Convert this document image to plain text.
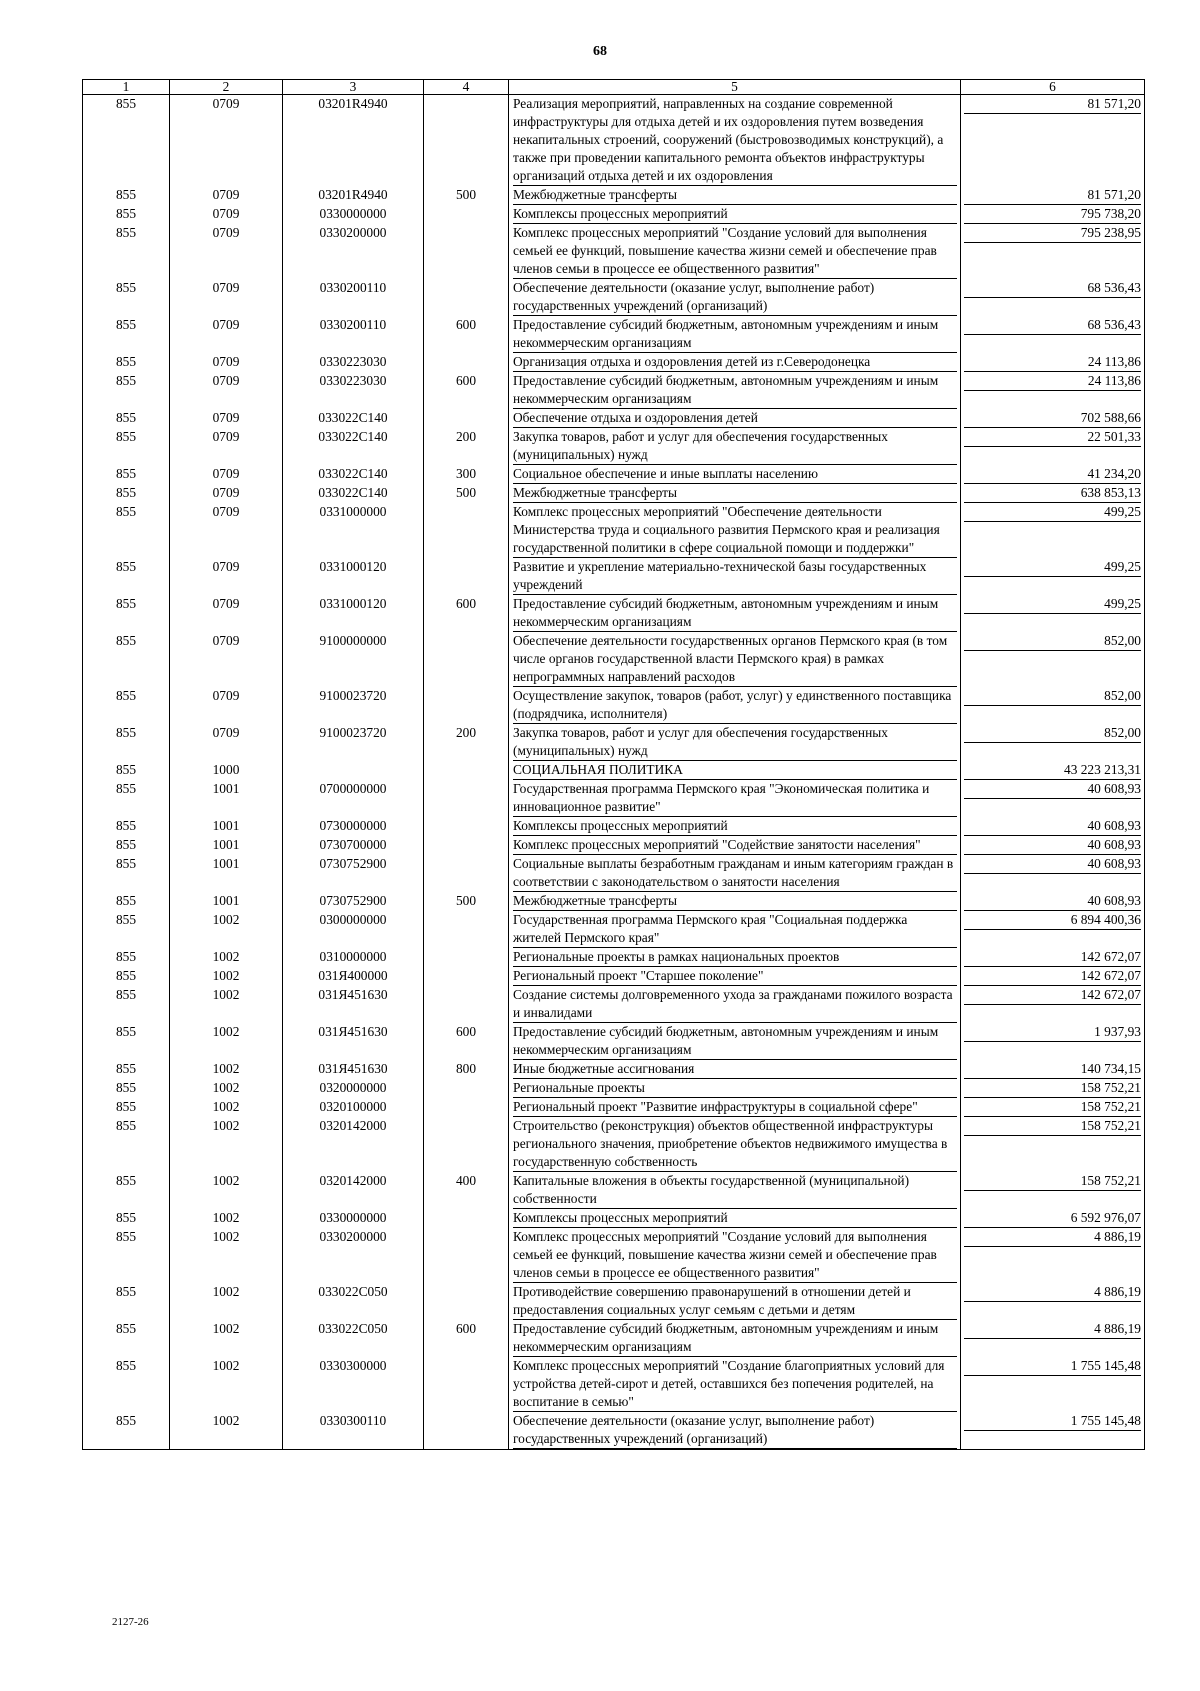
68
1	2	3	4	5	6
855	0709	03201R4940		Реализация мероприятий, направленных на создание современной инфраструктуры для отдыха детей и их оздоровления путем возведения некапитальных строений, сооружений (быстровозводимых конструкций), а также при проведении капитального ремонта объектов инфраструктуры организаций отдыха детей и их оздоровления	81 571,20

855	0709	03201R4940	500	Межбюджетные трансферты	81 571,20

855	0709	0330000000		Комплексы процессных мероприятий	795 738,20

855	0709	0330200000		Комплекс процессных мероприятий "Создание условий для выполнения семьей ее функций, повышение качества жизни семей и обеспечение прав членов семьи в процессе ее общественного развития"	795 238,95

855	0709	0330200110		Обеспечение деятельности (оказание услуг, выполнение работ) государственных учреждений (организаций)	68 536,43

855	0709	0330200110	600	Предоставление субсидий бюджетным, автономным учреждениям и иным некоммерческим организациям	68 536,43

855	0709	0330223030		Организация отдыха и оздоровления детей из г.Северодонецка	24 113,86

855	0709	0330223030	600	Предоставление субсидий бюджетным, автономным учреждениям и иным некоммерческим организациям	24 113,86

855	0709	033022С140		Обеспечение отдыха и оздоровления детей	702 588,66

855	0709	033022С140	200	Закупка товаров, работ и услуг для обеспечения государственных (муниципальных) нужд	22 501,33

855	0709	033022С140	300	Социальное обеспечение и иные выплаты населению	41 234,20

855	0709	033022С140	500	Межбюджетные трансферты	638 853,13

855	0709	0331000000		Комплекс процессных мероприятий "Обеспечение деятельности Министерства труда и социального развития Пермского края и реализация государственной политики в сфере социальной помощи и поддержки"	499,25

855	0709	0331000120		Развитие и укрепление материально-технической базы государственных учреждений	499,25

855	0709	0331000120	600	Предоставление субсидий бюджетным, автономным учреждениям и иным некоммерческим организациям	499,25

855	0709	9100000000		Обеспечение деятельности государственных органов Пермского края (в том числе органов государственной власти Пермского края) в рамках непрограммных направлений расходов	852,00

855	0709	9100023720		Осуществление закупок, товаров (работ, услуг) у единственного поставщика (подрядчика, исполнителя)	852,00

855	0709	9100023720	200	Закупка товаров, работ и услуг для обеспечения государственных (муниципальных) нужд	852,00

855	1000			СОЦИАЛЬНАЯ ПОЛИТИКА	43 223 213,31

855	1001	0700000000		Государственная программа Пермского края "Экономическая политика и инновационное развитие"	40 608,93

855	1001	0730000000		Комплексы процессных мероприятий	40 608,93

855	1001	0730700000		Комплекс процессных мероприятий "Содействие занятости населения"	40 608,93

855	1001	0730752900		Социальные выплаты безработным гражданам и иным категориям граждан в соответствии с законодательством о занятости населения	40 608,93

855	1001	0730752900	500	Межбюджетные трансферты	40 608,93

855	1002	0300000000		Государственная программа Пермского края "Социальная поддержка жителей Пермского края"	6 894 400,36

855	1002	0310000000		Региональные проекты в рамках национальных проектов	142 672,07

855	1002	031Я400000		Региональный проект "Старшее поколение"	142 672,07

855	1002	031Я451630		Создание системы долговременного ухода за гражданами пожилого возраста и инвалидами	142 672,07

855	1002	031Я451630	600	Предоставление субсидий бюджетным, автономным учреждениям и иным некоммерческим организациям	1 937,93

855	1002	031Я451630	800	Иные бюджетные ассигнования	140 734,15

855	1002	0320000000		Региональные проекты	158 752,21

855	1002	0320100000		Региональный проект "Развитие инфраструктуры в социальной сфере"	158 752,21

855	1002	0320142000		Строительство (реконструкция) объектов общественной инфраструктуры регионального значения, приобретение объектов недвижимого имущества в государственную собственность	158 752,21

855	1002	0320142000	400	Капитальные вложения в объекты государственной (муниципальной) собственности	158 752,21

855	1002	0330000000		Комплексы процессных мероприятий	6 592 976,07

855	1002	0330200000		Комплекс процессных мероприятий "Создание условий для выполнения семьей ее функций, повышение качества жизни семей и обеспечение прав членов семьи в процессе ее общественного развития"	4 886,19

855	1002	033022С050		Противодействие совершению правонарушений в отношении детей и предоставления социальных услуг семьям с детьми и детям	4 886,19

855	1002	033022С050	600	Предоставление субсидий бюджетным, автономным учреждениям и иным некоммерческим организациям	4 886,19

855	1002	0330300000		Комплекс процессных мероприятий "Создание благоприятных условий для устройства детей-сирот и детей, оставшихся без попечения родителей, на воспитание в семью"	1 755 145,48

855	1002	0330300110		Обеспечение деятельности (оказание услуг, выполнение работ) государственных учреждений (организаций)	1 755 145,48
2127-26
